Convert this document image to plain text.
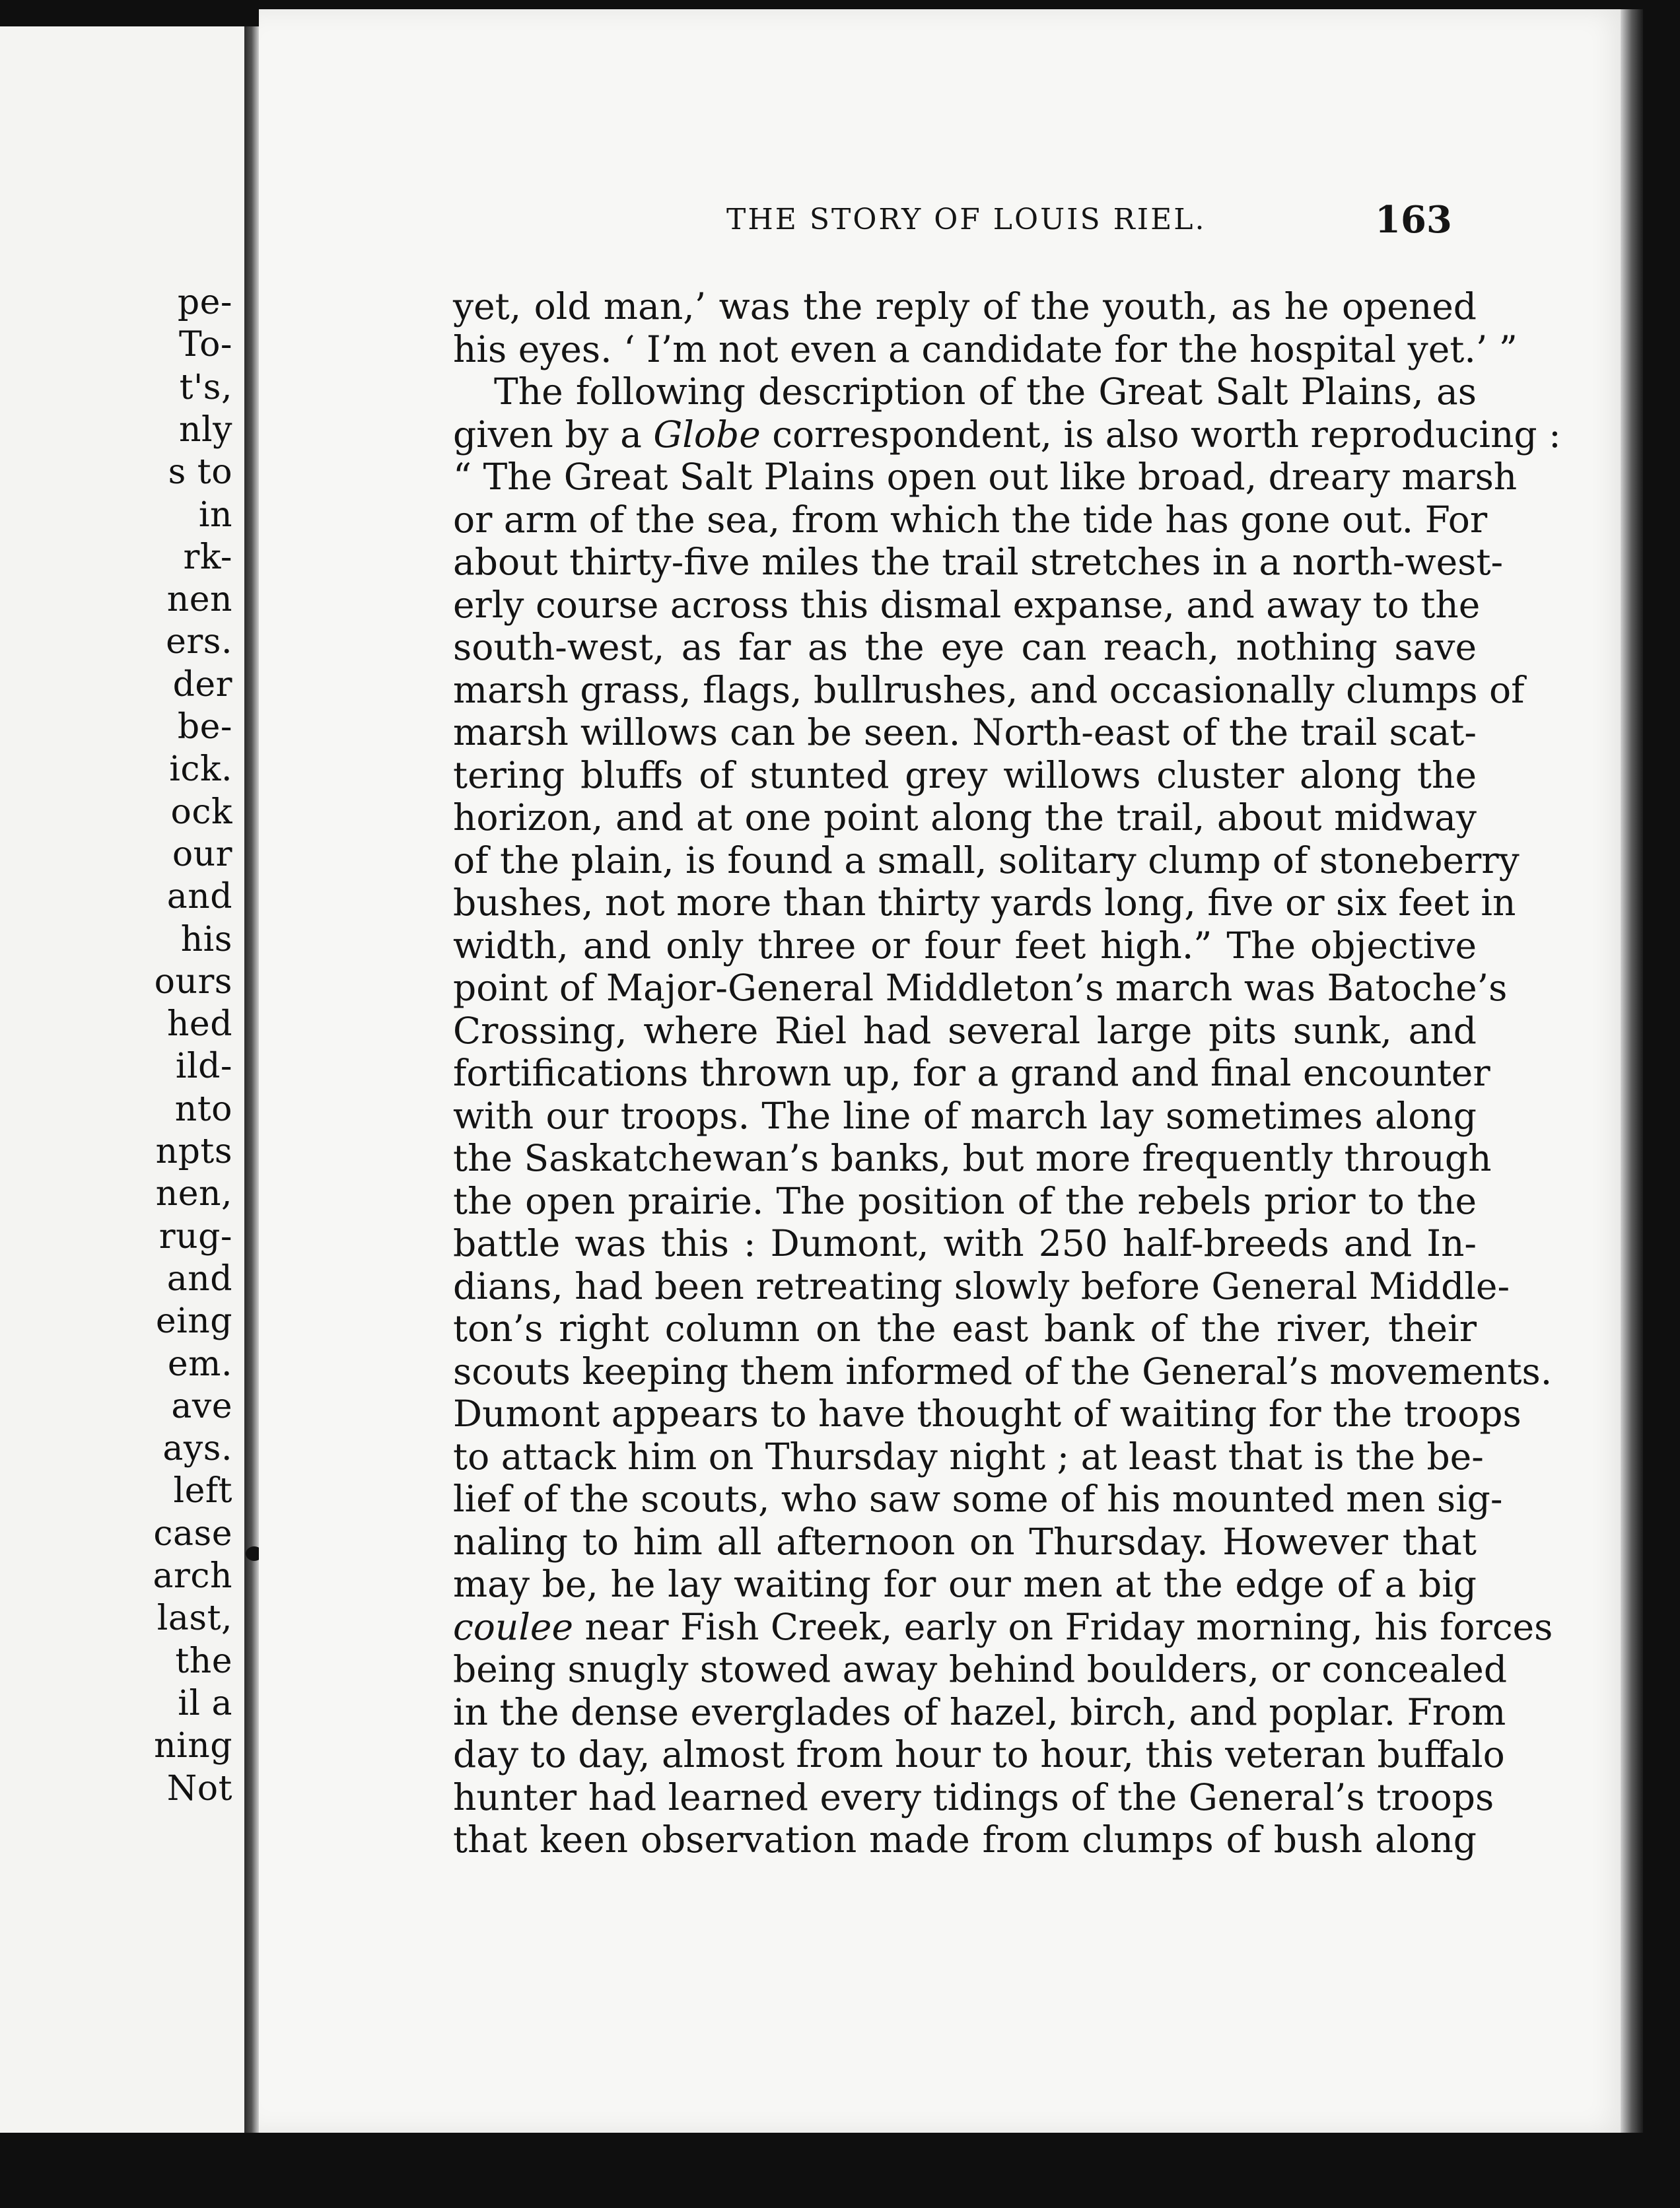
pe-
To-
t's,
nly
s to
in
rk-
nen
ers.
der
be-
ick.
ock
our
and
his
ours
hed
ild-
nto
npts
nen,
rug-
and
eing
em.
ave
ays.
left
case
arch
last,
the
il a
ning
Not
THE STORY OF LOUIS RIEL.	163
yet, old man,’ was the reply of the youth, as he opened
his eyes. ‘ I’m not even a candidate for the hospital yet.’ ”
The following description of the Great Salt Plains, as
given by a Globe correspondent, is also worth reproducing :
“ The Great Salt Plains open out like broad, dreary marsh
or arm of the sea, from which the tide has gone out. For
about thirty-five miles the trail stretches in a north-west-
erly course across this dismal expanse, and away to the
south-west, as far as the eye can reach, nothing save
marsh grass, flags, bullrushes, and occasionally clumps of
marsh willows can be seen. North-east of the trail scat-
tering bluffs of stunted grey willows cluster along the
horizon, and at one point along the trail, about midway
of the plain, is found a small, solitary clump of stoneberry
bushes, not more than thirty yards long, five or six feet in
width, and only three or four feet high.” The objective
point of Major-General Middleton’s march was Batoche’s
Crossing, where Riel had several large pits sunk, and
fortifications thrown up, for a grand and final encounter
with our troops. The line of march lay sometimes along
the Saskatchewan’s banks, but more frequently through
the open prairie. The position of the rebels prior to the
battle was this : Dumont, with 250 half-breeds and In-
dians, had been retreating slowly before General Middle-
ton’s right column on the east bank of the river, their
scouts keeping them informed of the General’s movements.
Dumont appears to have thought of waiting for the troops
to attack him on Thursday night ; at least that is the be-
lief of the scouts, who saw some of his mounted men sig-
naling to him all afternoon on Thursday. However that
may be, he lay waiting for our men at the edge of a big
coulee near Fish Creek, early on Friday morning, his forces
being snugly stowed away behind boulders, or concealed
in the dense everglades of hazel, birch, and poplar. From
day to day, almost from hour to hour, this veteran buffalo
hunter had learned every tidings of the General’s troops
that keen observation made from clumps of bush along
